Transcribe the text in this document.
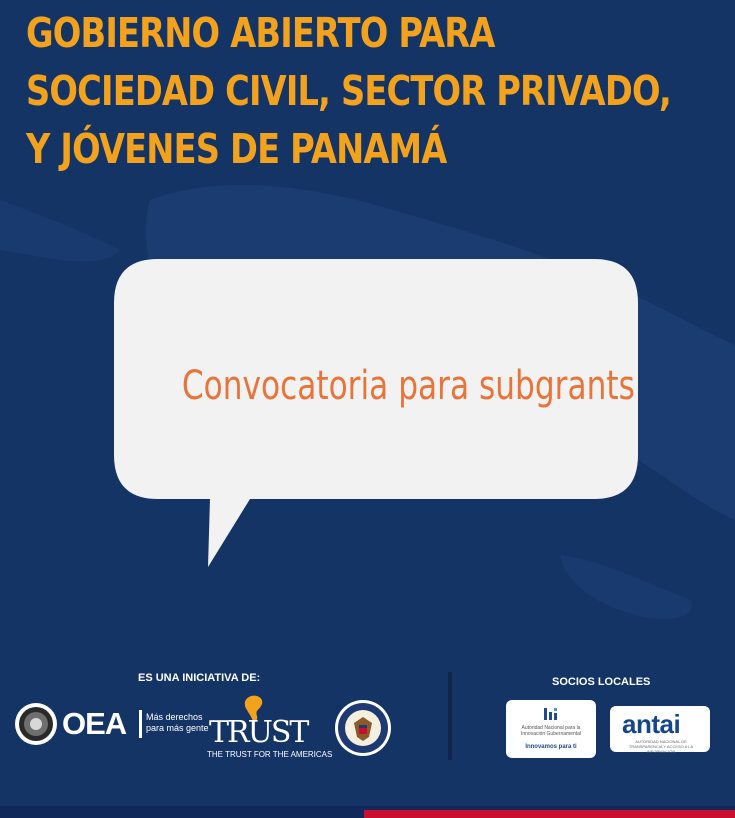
GOBIERNO ABIERTO PARA
SOCIEDAD CIVIL, SECTOR PRIVADO,
Y JÓVENES DE PANAMÁ
Convocatoria para subgrants
ES UNA INICIATIVA DE:	SOCIOS LOCALES
OEA Más derechos para más gente TRUST
THE TRUST FOR THE AMERICAS
Autoridad Nacional para la Innovación Gubernamental
Innovamos para ti
antai
AUTORIDAD NACIONAL DE TRANSPARENCIA Y ACCESO A LA INFORMACIÓN
